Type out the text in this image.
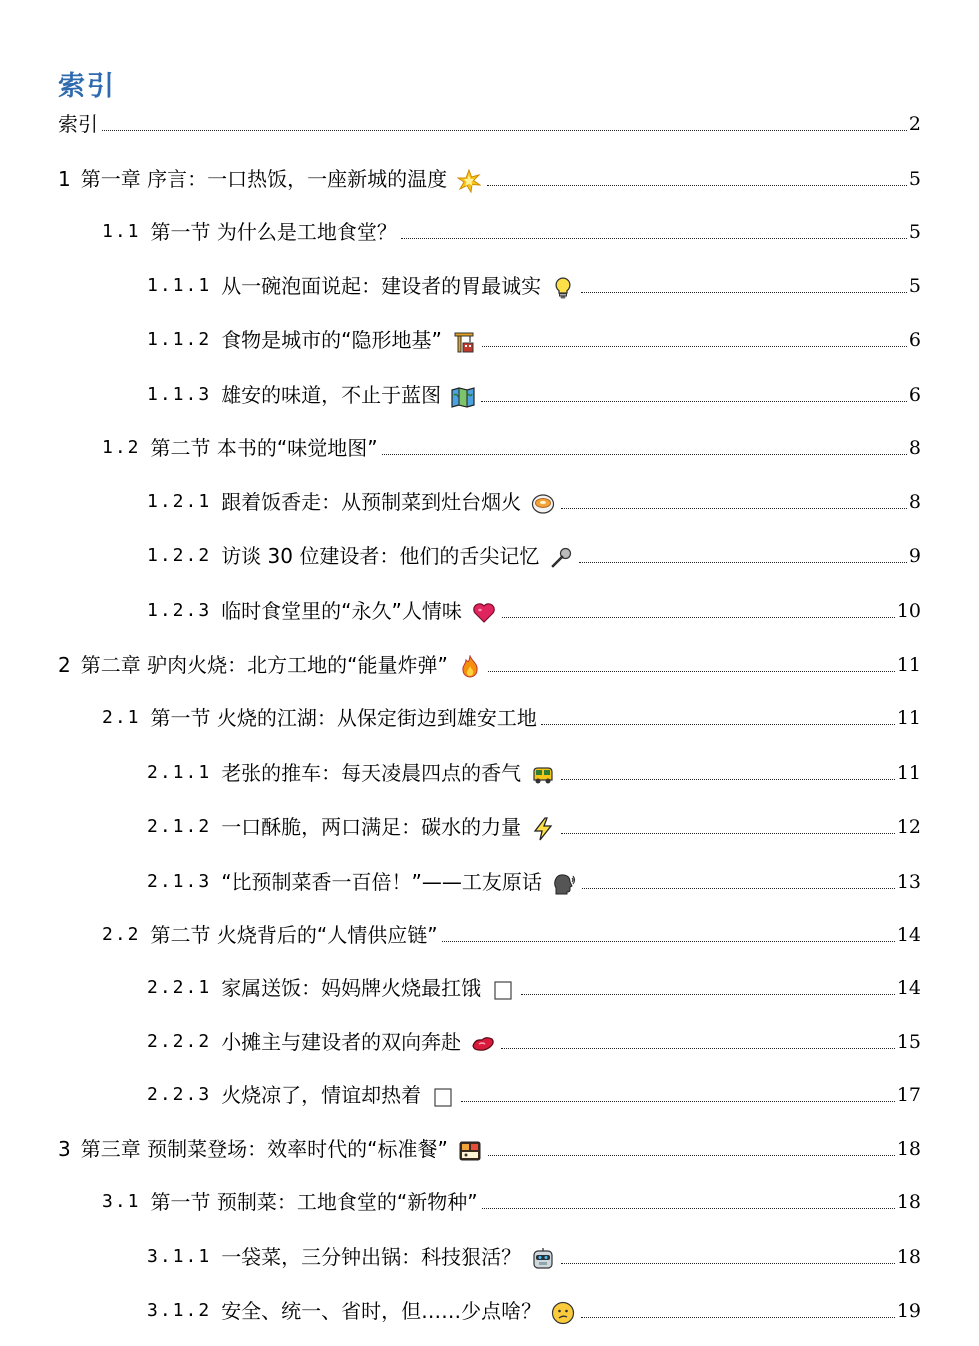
索引
索引	2
1 第一章 序言：一口热饭，一座新城的温度	5
1.1 第一节 为什么是工地食堂？	5
1.1.1 从一碗泡面说起：建设者的胃最诚实	5
1.1.2 食物是城市的“隐形地基”	6
1.1.3 雄安的味道，不止于蓝图	6
1.2 第二节 本书的“味觉地图”	8
1.2.1 跟着饭香走：从预制菜到灶台烟火	8
1.2.2 访谈 30 位建设者：他们的舌尖记忆	9
1.2.3 临时食堂里的“永久”人情味	10
2 第二章 驴肉火烧：北方工地的“能量炸弹”	11
2.1 第一节 火烧的江湖：从保定街边到雄安工地	11
2.1.1 老张的推车：每天凌晨四点的香气	11
2.1.2 一口酥脆，两口满足：碳水的力量	12
2.1.3 “比预制菜香一百倍！”——工友原话	13
2.2 第二节 火烧背后的“人情供应链”	14
2.2.1 家属送饭：妈妈牌火烧最扛饿	14
2.2.2 小摊主与建设者的双向奔赴	15
2.2.3 火烧凉了，情谊却热着	17
3 第三章 预制菜登场：效率时代的“标准餐”	18
3.1 第一节 预制菜：工地食堂的“新物种”	18
3.1.1 一袋菜，三分钟出锅：科技狠活？	18
3.1.2 安全、统一、省时，但……少点啥？	19
